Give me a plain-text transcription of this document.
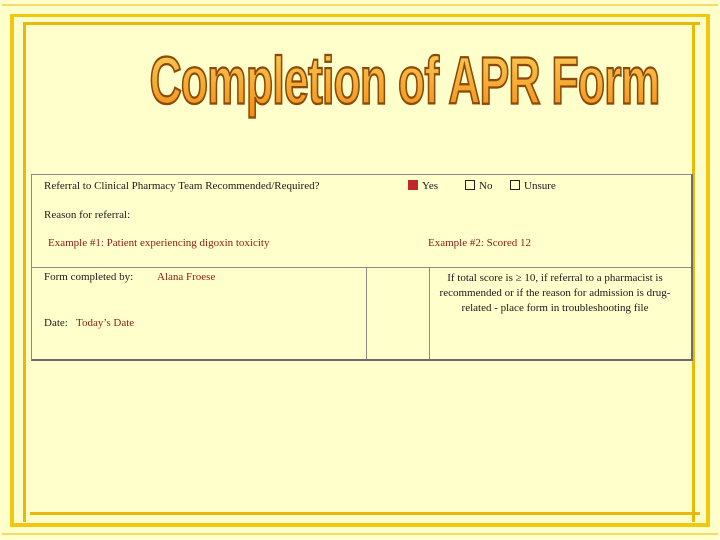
Completion of APR Form
Referral to Clinical Pharmacy Team Recommended/Required?	Yes	No	Unsure
Reason for referral:
Example #1: Patient experiencing digoxin toxicity	Example #2: Scored 12
Form completed by: Alana Froese
Date: Today’s Date
If total score is ≥ 10, if referral to a pharmacist is recommended or if the reason for admission is drug-related - place form in troubleshooting file
